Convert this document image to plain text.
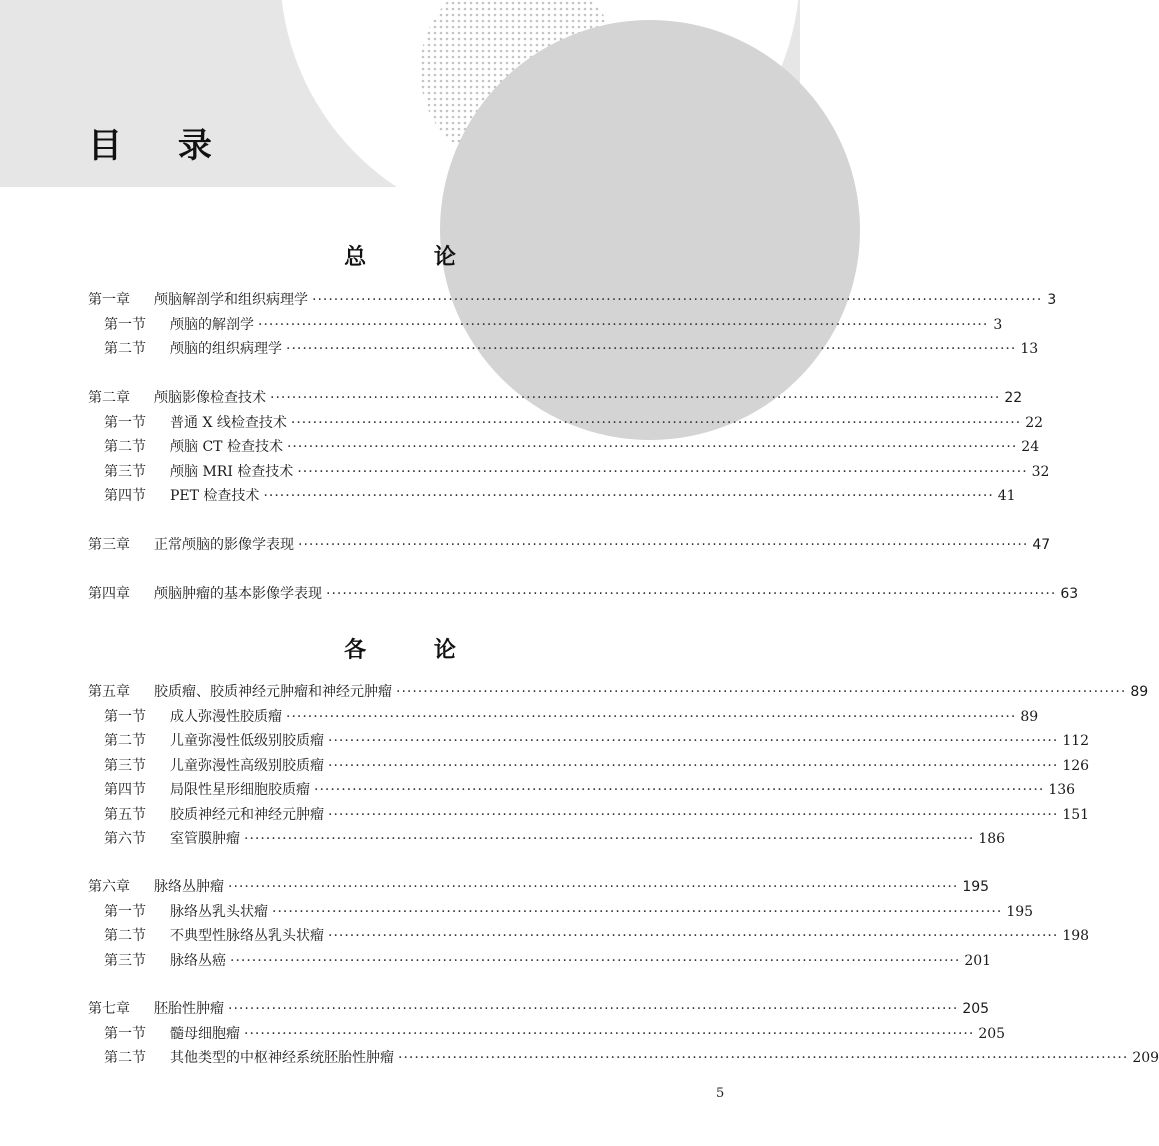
目 录
总 论
第一章	颅脑解剖学和组织病理学 ·····	3
第一节	颅脑的解剖学 ·····	3
第二节	颅脑的组织病理学 ·····	13
第二章	颅脑影像检查技术 ·····	22
第一节	普通 X 线检查技术 ·····	22
第二节	颅脑 CT 检查技术 ·····	24
第三节	颅脑 MRI 检查技术 ·····	32
第四节	PET 检查技术 ·····	41
第三章	正常颅脑的影像学表现 ·····	47
第四章	颅脑肿瘤的基本影像学表现 ·····	63
各 论
第五章	胶质瘤、胶质神经元肿瘤和神经元肿瘤 ·····	89
第一节	成人弥漫性胶质瘤 ·····	89
第二节	儿童弥漫性低级别胶质瘤 ·····	112
第三节	儿童弥漫性高级别胶质瘤 ·····	126
第四节	局限性星形细胞胶质瘤 ·····	136
第五节	胶质神经元和神经元肿瘤 ·····	151
第六节	室管膜肿瘤 ·····	186
第六章	脉络丛肿瘤 ·····	195
第一节	脉络丛乳头状瘤 ·····	195
第二节	不典型性脉络丛乳头状瘤 ·····	198
第三节	脉络丛癌 ·····	201
第七章	胚胎性肿瘤 ·····	205
第一节	髓母细胞瘤 ·····	205
第二节	其他类型的中枢神经系统胚胎性肿瘤 ·····	209
5
